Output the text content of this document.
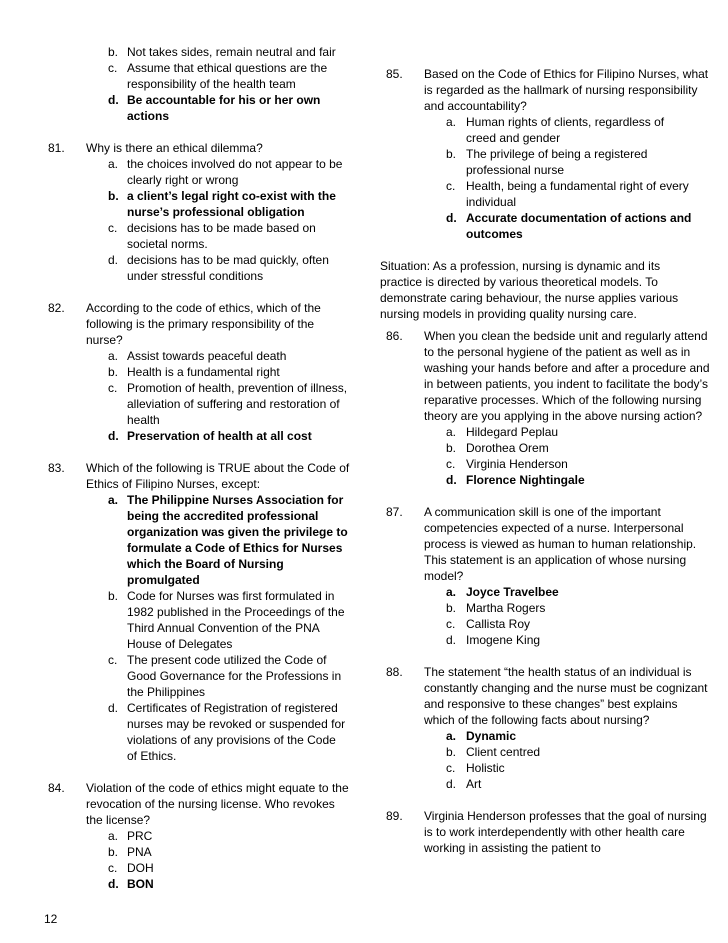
b. Not takes sides, remain neutral and fair
c. Assume that ethical questions are the responsibility of the health team
d. Be accountable for his or her own actions
81.	Why is there an ethical dilemma?
a. the choices involved do not appear to be clearly right or wrong
b. a client’s legal right co-exist with the nurse’s professional obligation
c. decisions has to be made based on societal norms.
d. decisions has to be mad quickly, often under stressful conditions
82.	According to the code of ethics, which of the following is the primary responsibility of the nurse?
a. Assist towards peaceful death
b. Health is a fundamental right
c. Promotion of health, prevention of illness, alleviation of suffering and restoration of health
d. Preservation of health at all cost
83.	Which of the following is TRUE about the Code of Ethics of Filipino Nurses, except:
a. The Philippine Nurses Association for being the accredited professional organization was given the privilege to formulate a Code of Ethics for Nurses which the Board of Nursing promulgated
b. Code for Nurses was first formulated in 1982 published in the Proceedings of the Third Annual Convention of the PNA House of Delegates
c. The present code utilized the Code of Good Governance for the Professions in the Philippines
d. Certificates of Registration of registered nurses may be revoked or suspended for violations of any provisions of the Code of Ethics.
84.	Violation of the code of ethics might equate to the revocation of the nursing license. Who revokes the license?
a. PRC
b. PNA
c. DOH
d. BON
85.	Based on the Code of Ethics for Filipino Nurses, what is regarded as the hallmark of nursing responsibility and accountability?
a. Human rights of clients, regardless of creed and gender
b. The privilege of being a registered professional nurse
c. Health, being a fundamental right of every individual
d. Accurate documentation of actions and outcomes
Situation: As a profession, nursing is dynamic and its practice is directed by various theoretical models. To demonstrate caring behaviour, the nurse applies various nursing models in providing quality nursing care.
86.	When you clean the bedside unit and regularly attend to the personal hygiene of the patient as well as in washing your hands before and after a procedure and in between patients, you indent to facilitate the body’s reparative processes. Which of the following nursing theory are you applying in the above nursing action?
a. Hildegard Peplau
b. Dorothea Orem
c. Virginia Henderson
d. Florence Nightingale
87.	A communication skill is one of the important competencies expected of a nurse. Interpersonal process is viewed as human to human relationship. This statement is an application of whose nursing model?
a. Joyce Travelbee
b. Martha Rogers
c. Callista Roy
d. Imogene King
88.	The statement “the health status of an individual is constantly changing and the nurse must be cognizant and responsive to these changes” best explains which of the following facts about nursing?
a. Dynamic
b. Client centred
c. Holistic
d. Art
89.	Virginia Henderson professes that the goal of nursing is to work interdependently with other health care working in assisting the patient to
12
